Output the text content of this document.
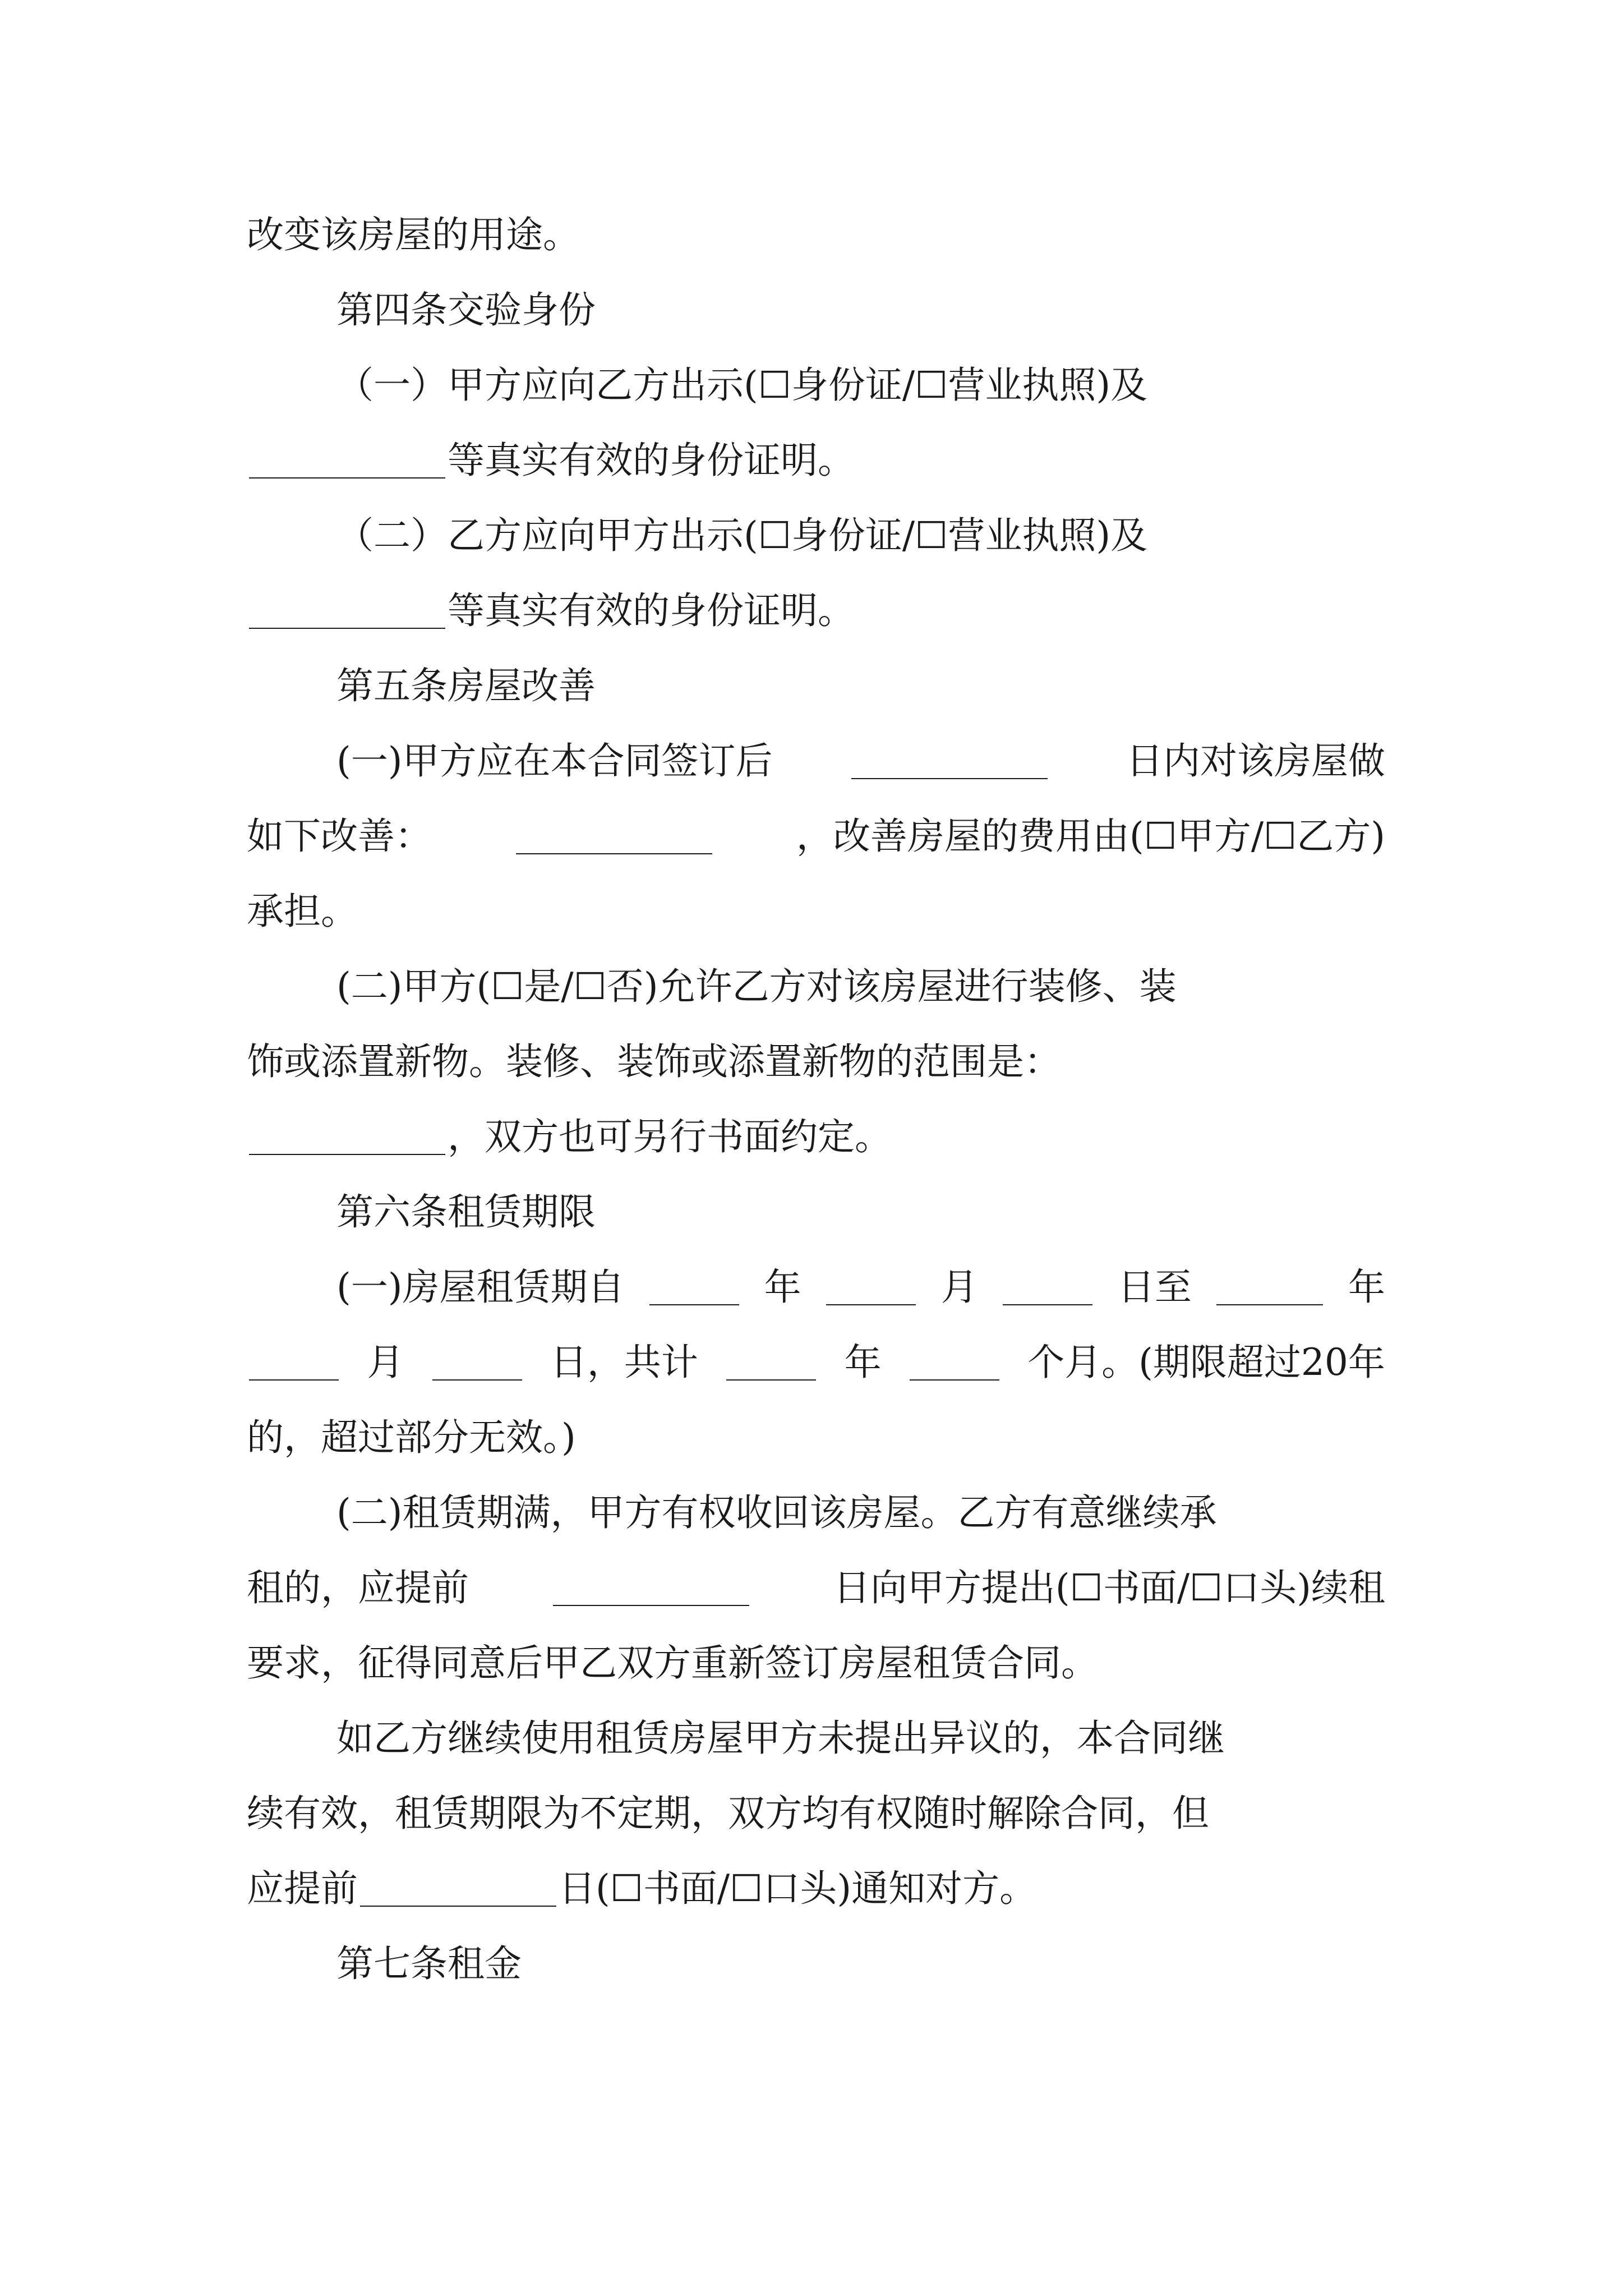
改变该房屋的用途。
第四条交验身份
（一）甲方应向乙方出示(☐身份证/☐营业执照)及
等真实有效的身份证明。
（二）乙方应向甲方出示(☐身份证/☐营业执照)及
等真实有效的身份证明。
第五条房屋改善
(一)甲方应在本合同签订后	日内对该房屋做
如下改善：	，改善房屋的费用由(☐甲方/☐乙方)
承担。
(二)甲方(☐是/☐否)允许乙方对该房屋进行装修、装
饰或添置新物。装修、装饰或添置新物的范围是：
，双方也可另行书面约定。
第六条租赁期限
(一)房屋租赁期自	年	月	日至	年
月	日，共计	年	个月。(期限超过20年
的，超过部分无效。)
(二)租赁期满，甲方有权收回该房屋。乙方有意继续承
租的，应提前	日向甲方提出(☐书面/☐口头)续租
要求，征得同意后甲乙双方重新签订房屋租赁合同。
如乙方继续使用租赁房屋甲方未提出异议的，本合同继
续有效，租赁期限为不定期，双方均有权随时解除合同，但
应提前	日(☐书面/☐口头)通知对方。
第七条租金
